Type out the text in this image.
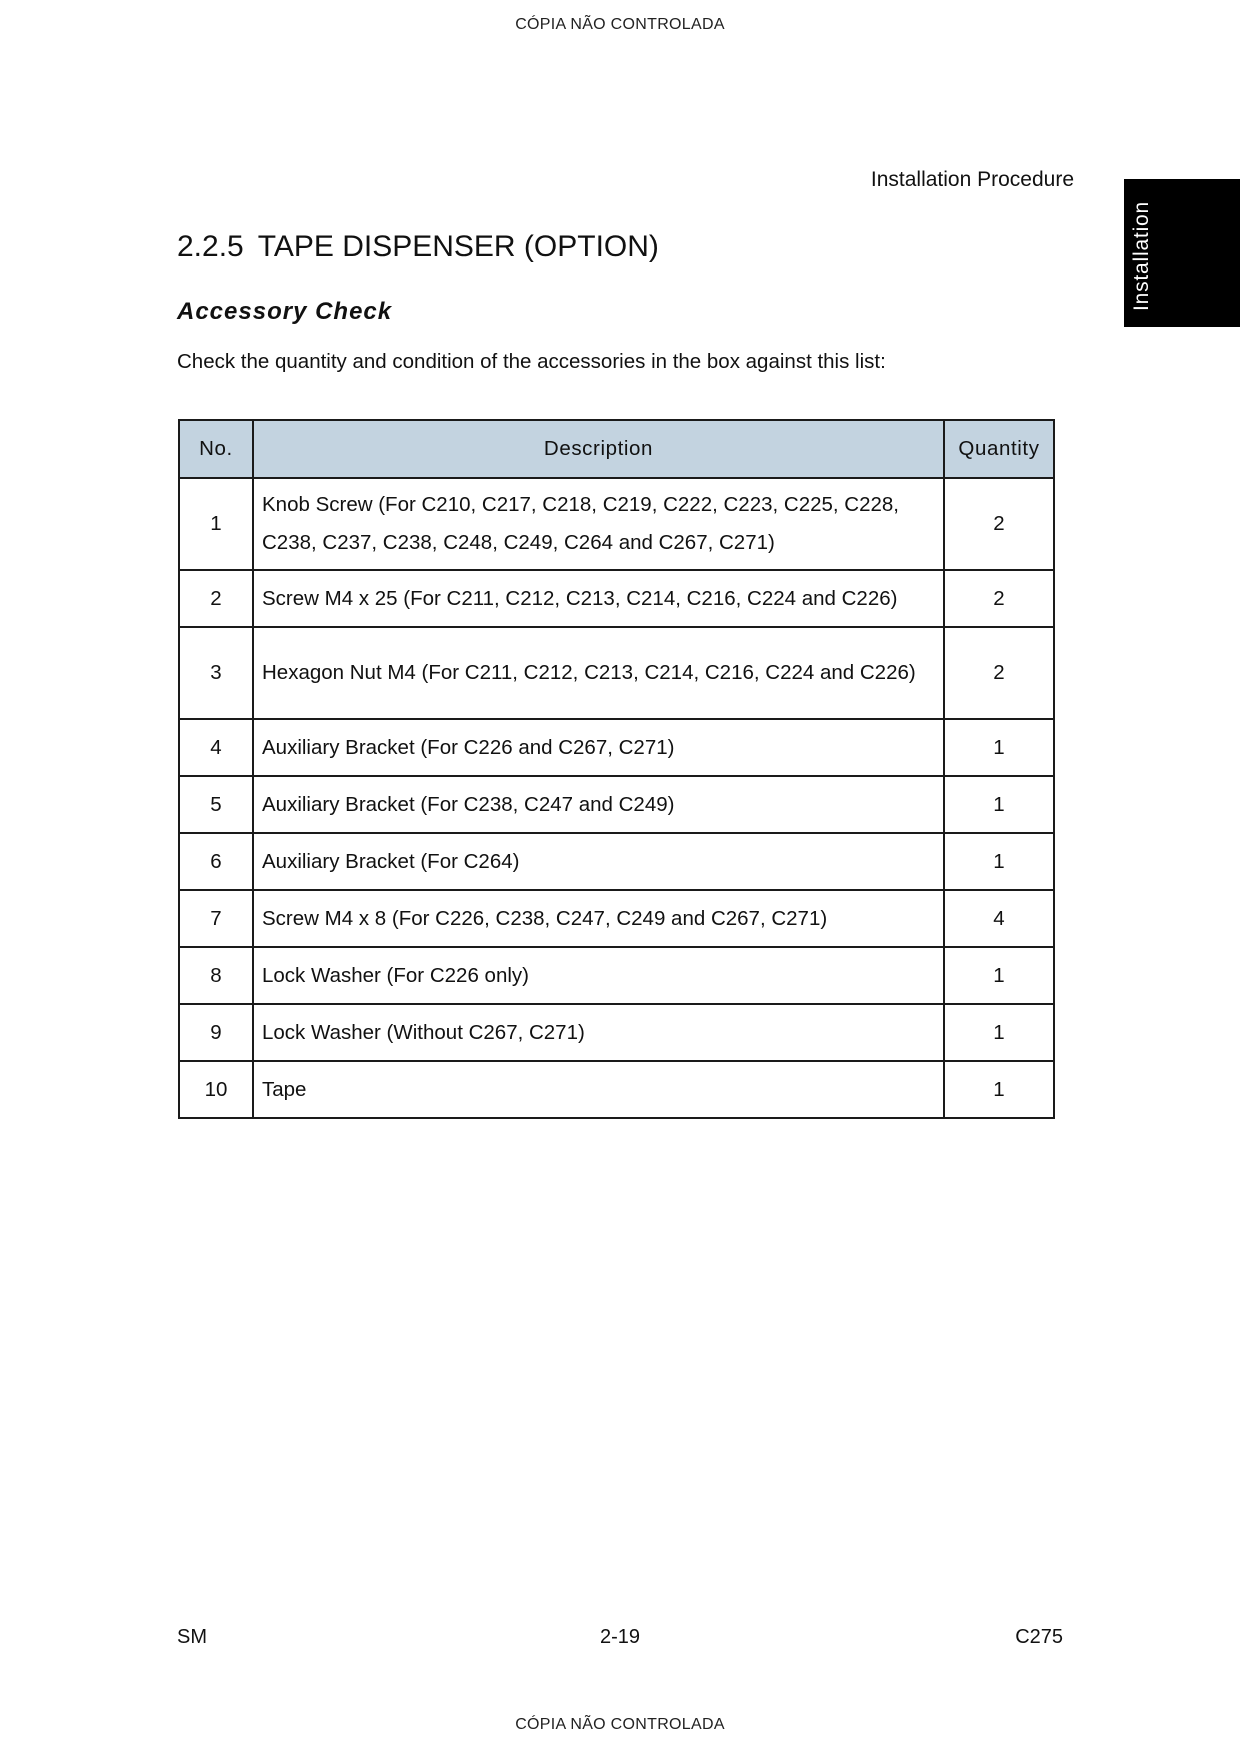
CÓPIA NÃO CONTROLADA
Installation Procedure
Installation
2.2.5 TAPE DISPENSER (OPTION)
Accessory Check

Check the quantity and condition of the accessories in the box against this list:

No.	Description	Quantity
1	Knob Screw (For C210, C217, C218, C219, C222, C223, C225, C228, C238, C237, C238, C248, C249, C264 and C267, C271)	2
2	Screw M4 x 25 (For C211, C212, C213, C214, C216, C224 and C226)	2
3	Hexagon Nut M4 (For C211, C212, C213, C214, C216, C224 and C226)	2
4	Auxiliary Bracket (For C226 and C267, C271)	1
5	Auxiliary Bracket (For C238, C247 and C249)	1
6	Auxiliary Bracket (For C264)	1
7	Screw M4 x 8 (For C226, C238, C247, C249 and C267, C271)	4
8	Lock Washer (For C226 only)	1
9	Lock Washer (Without C267, C271)	1
10	Tape	1
SM	2-19	C275
CÓPIA NÃO CONTROLADA
